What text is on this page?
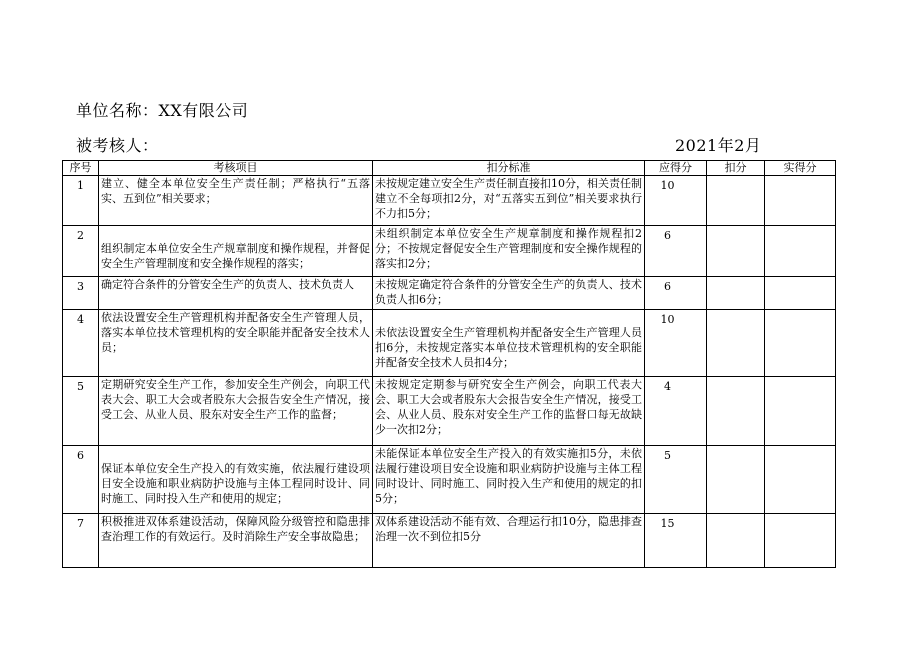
单位名称：XX有限公司
被考核人：	2021年2月
序号	考核项目	扣分标准	应得分	扣分	实得分
1	建立、健全本单位安全生产责任制；严格执行“五落实、五到位”相关要求；	未按规定建立安全生产责任制直接扣10分，相关责任制建立不全每项扣2分，对“五落实五到位”相关要求执行不力扣5分；	10		
2	组织制定本单位安全生产规章制度和操作规程，并督促安全生产管理制度和安全操作规程的落实；	未组织制定本单位安全生产规章制度和操作规程扣2分；不按规定督促安全生产管理制度和安全操作规程的落实扣2分；	6		
3	确定符合条件的分管安全生产的负责人、技术负责人	未按规定确定符合条件的分管安全生产的负责人、技术负责人扣6分；	6		
4	依法设置安全生产管理机构并配备安全生产管理人员，落实本单位技术管理机构的安全职能并配备安全技术人员；	未依法设置安全生产管理机构并配备安全生产管理人员扣6分，未按规定落实本单位技术管理机构的安全职能并配备安全技术人员扣4分；	10		
5	定期研究安全生产工作，参加安全生产例会，向职工代表大会、职工大会或者股东大会报告安全生产情况，接受工会、从业人员、股东对安全生产工作的监督；	未按规定定期参与研究安全生产例会，向职工代表大会、职工大会或者股东大会报告安全生产情况，接受工会、从业人员、股东对安全生产工作的监督口每无故缺少一次扣2分；	4		
6	保证本单位安全生产投入的有效实施，依法履行建设项目安全设施和职业病防护设施与主体工程同时设计、同时施工、同时投入生产和使用的规定；	未能保证本单位安全生产投入的有效实施扣5分，未依法履行建设项目安全设施和职业病防护设施与主体工程同时设计、同时施工、同时投入生产和使用的规定的扣5分；	5		
7	积极推进双体系建设活动，保障风险分级管控和隐患排查治理工作的有效运行。及时消除生产安全事故隐患；	双体系建设活动不能有效、合理运行扣10分，隐患排查治理一次不到位扣5分	15		
